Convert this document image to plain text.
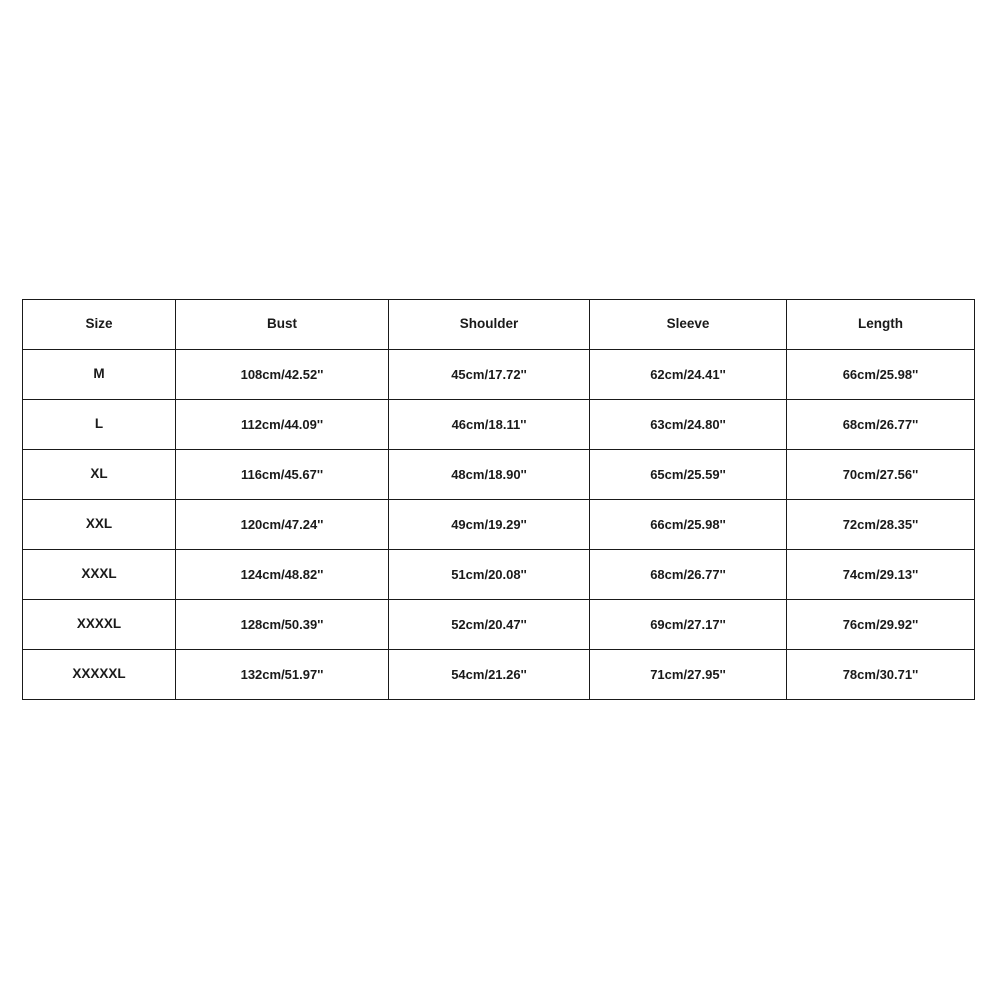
Size	Bust	Shoulder	Sleeve	Length
M	108cm/42.52''	45cm/17.72''	62cm/24.41''	66cm/25.98''
L	112cm/44.09''	46cm/18.11''	63cm/24.80''	68cm/26.77''
XL	116cm/45.67''	48cm/18.90''	65cm/25.59''	70cm/27.56''
XXL	120cm/47.24''	49cm/19.29''	66cm/25.98''	72cm/28.35''
XXXL	124cm/48.82''	51cm/20.08''	68cm/26.77''	74cm/29.13''
XXXXL	128cm/50.39''	52cm/20.47''	69cm/27.17''	76cm/29.92''
XXXXXL	132cm/51.97''	54cm/21.26''	71cm/27.95''	78cm/30.71''
